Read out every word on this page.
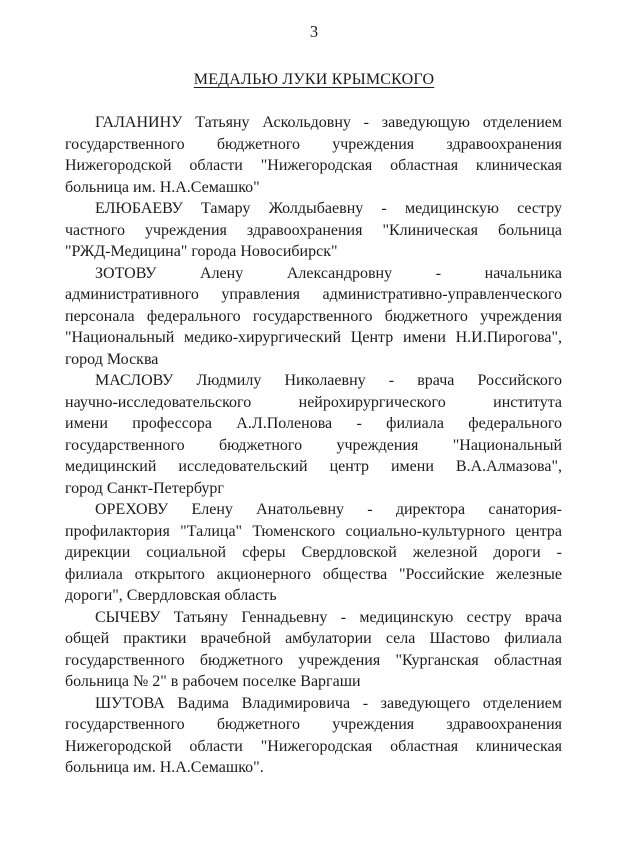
3
МЕДАЛЬЮ ЛУКИ КРЫМСКОГО
ГАЛАНИНУ Татьяну Аскольдовну - заведующую отделением
государственного бюджетного учреждения здравоохранения
Нижегородской области "Нижегородская областная клиническая
больница им. Н.А.Семашко"
ЕЛЮБАЕВУ Тамару Жолдыбаевну - медицинскую сестру
частного учреждения здравоохранения "Клиническая больница
"РЖД-Медицина" города Новосибирск"
ЗОТОВУ Алену Александровну - начальника
административного управления административно-управленческого
персонала федерального государственного бюджетного учреждения
"Национальный медико-хирургический Центр имени Н.И.Пирогова",
город Москва
МАСЛОВУ Людмилу Николаевну - врача Российского
научно-исследовательского нейрохирургического института
имени профессора А.Л.Поленова - филиала федерального
государственного бюджетного учреждения "Национальный
медицинский исследовательский центр имени В.А.Алмазова",
город Санкт-Петербург
ОРЕХОВУ Елену Анатольевну - директора санатория-
профилактория "Талица" Тюменского социально-культурного центра
дирекции социальной сферы Свердловской железной дороги -
филиала открытого акционерного общества "Российские железные
дороги", Свердловская область
СЫЧЕВУ Татьяну Геннадьевну - медицинскую сестру врача
общей практики врачебной амбулатории села Шастово филиала
государственного бюджетного учреждения "Курганская областная
больница № 2" в рабочем поселке Варгаши
ШУТОВА Вадима Владимировича - заведующего отделением
государственного бюджетного учреждения здравоохранения
Нижегородской области "Нижегородская областная клиническая
больница им. Н.А.Семашко".
